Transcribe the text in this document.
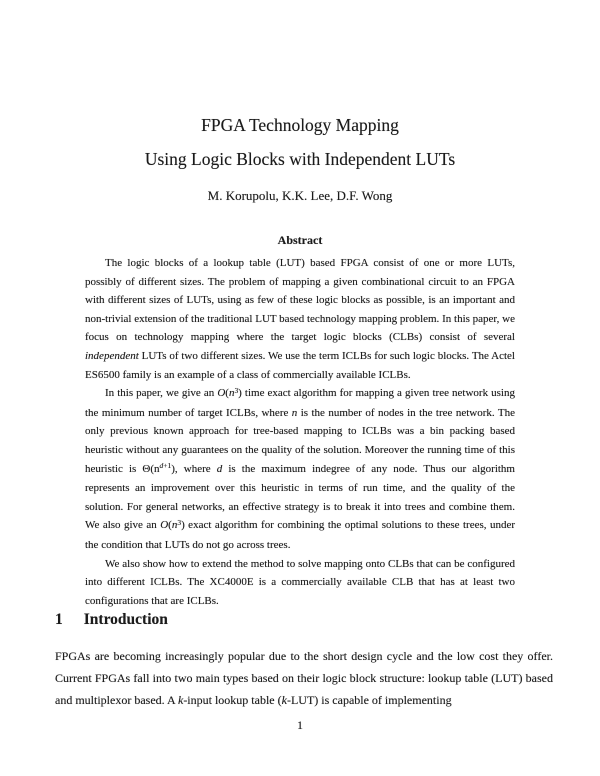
FPGA Technology Mapping
Using Logic Blocks with Independent LUTs
M. Korupolu, K.K. Lee, D.F. Wong
Abstract

The logic blocks of a lookup table (LUT) based FPGA consist of one or more LUTs, possibly of different sizes. The problem of mapping a given combinational circuit to an FPGA with different sizes of LUTs, using as few of these logic blocks as possible, is an important and non-trivial extension of the traditional LUT based technology mapping problem. In this paper, we focus on technology mapping where the target logic blocks (CLBs) consist of several independent LUTs of two different sizes. We use the term ICLBs for such logic blocks. The Actel ES6500 family is an example of a class of commercially available ICLBs.

In this paper, we give an $O(n^3)$ time exact algorithm for mapping a given tree network using the minimum number of target ICLBs, where n is the number of nodes in the tree network. The only previous known approach for tree-based mapping to ICLBs was a bin packing based heuristic without any guarantees on the quality of the solution. Moreover the running time of this heuristic is $\Theta(n^{d+1})$, where d is the maximum indegree of any node. Thus our algorithm represents an improvement over this heuristic in terms of run time, and the quality of the solution. For general networks, an effective strategy is to break it into trees and combine them. We also give an $O(n^3)$ exact algorithm for combining the optimal solutions to these trees, under the condition that LUTs do not go across trees.

We also show how to extend the method to solve mapping onto CLBs that can be configured into different ICLBs. The XC4000E is a commercially available CLB that has at least two configurations that are ICLBs.

1 Introduction

FPGAs are becoming increasingly popular due to the short design cycle and the low cost they offer. Current FPGAs fall into two main types based on their logic block structure: lookup table (LUT) based and multiplexor based. A k-input lookup table (k-LUT) is capable of implementing

1
